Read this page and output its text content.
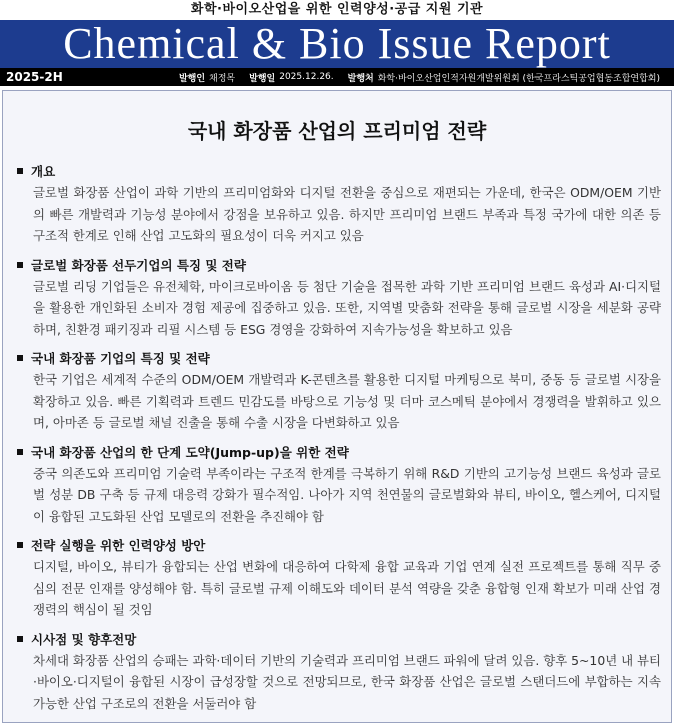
화학·바이오산업을 위한 인력양성·공급 지원 기관
Chemical & Bio Issue Report
2025-2H	발행인 채정목 발행일 2025.12.26. 발행처 화학·바이오산업인적자원개발위원회 (한국프라스틱공업협동조합연합회)
국내 화장품 산업의 프리미엄 전략
개요
글로벌 화장품 산업이 과학 기반의 프리미엄화와 디지털 전환을 중심으로 재편되는 가운데, 한국은 ODM/OEM 기반의 빠른 개발력과 기능성 분야에서 강점을 보유하고 있음. 하지만 프리미엄 브랜드 부족과 특정 국가에 대한 의존 등 구조적 한계로 인해 산업 고도화의 필요성이 더욱 커지고 있음
글로벌 화장품 선두기업의 특징 및 전략
글로벌 리딩 기업들은 유전체학, 마이크로바이옴 등 첨단 기술을 접목한 과학 기반 프리미엄 브랜드 육성과 AI·디지털을 활용한 개인화된 소비자 경험 제공에 집중하고 있음. 또한, 지역별 맞춤화 전략을 통해 글로벌 시장을 세분화 공략하며, 친환경 패키징과 리필 시스템 등 ESG 경영을 강화하여 지속가능성을 확보하고 있음
국내 화장품 기업의 특징 및 전략
한국 기업은 세계적 수준의 ODM/OEM 개발력과 K-콘텐츠를 활용한 디지털 마케팅으로 북미, 중동 등 글로벌 시장을 확장하고 있음. 빠른 기획력과 트렌드 민감도를 바탕으로 기능성 및 더마 코스메틱 분야에서 경쟁력을 발휘하고 있으며, 아마존 등 글로벌 채널 진출을 통해 수출 시장을 다변화하고 있음
국내 화장품 산업의 한 단계 도약(Jump-up)을 위한 전략
중국 의존도와 프리미엄 기술력 부족이라는 구조적 한계를 극복하기 위해 R&D 기반의 고기능성 브랜드 육성과 글로벌 성분 DB 구축 등 규제 대응력 강화가 필수적임. 나아가 지역 천연물의 글로벌화와 뷰티, 바이오, 헬스케어, 디지털이 융합된 고도화된 산업 모델로의 전환을 추진해야 함
전략 실행을 위한 인력양성 방안
디지털, 바이오, 뷰티가 융합되는 산업 변화에 대응하여 다학제 융합 교육과 기업 연계 실전 프로젝트를 통해 직무 중심의 전문 인재를 양성해야 함. 특히 글로벌 규제 이해도와 데이터 분석 역량을 갖춘 융합형 인재 확보가 미래 산업 경쟁력의 핵심이 될 것임
시사점 및 향후전망
차세대 화장품 산업의 승패는 과학·데이터 기반의 기술력과 프리미엄 브랜드 파워에 달려 있음. 향후 5~10년 내 뷰티·바이오·디지털이 융합된 시장이 급성장할 것으로 전망되므로, 한국 화장품 산업은 글로벌 스탠더드에 부합하는 지속 가능한 산업 구조로의 전환을 서둘러야 함
